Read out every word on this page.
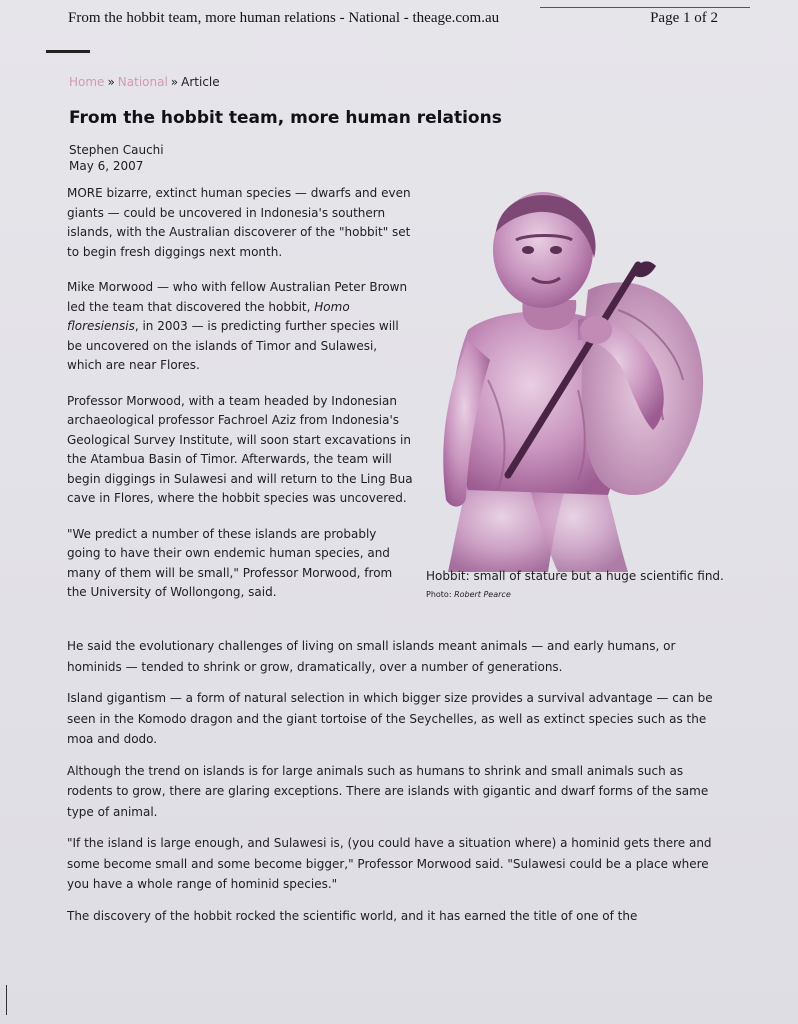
From the hobbit team, more human relations - National - theage.com.au	Page 1 of 2
Home » National » Article
From the hobbit team, more human relations
Stephen Cauchi
May 6, 2007

MORE bizarre, extinct human species — dwarfs and even giants — could be uncovered in Indonesia's southern islands, with the Australian discoverer of the "hobbit" set to begin fresh diggings next month.

Mike Morwood — who with fellow Australian Peter Brown led the team that discovered the hobbit, Homo floresiensis, in 2003 — is predicting further species will be uncovered on the islands of Timor and Sulawesi, which are near Flores.

Professor Morwood, with a team headed by Indonesian archaeological professor Fachroel Aziz from Indonesia's Geological Survey Institute, will soon start excavations in the Atambua Basin of Timor. Afterwards, the team will begin diggings in Sulawesi and will return to the Ling Bua cave in Flores, where the hobbit species was uncovered.

"We predict a number of these islands are probably going to have their own endemic human species, and many of them will be small," Professor Morwood, from the University of Wollongong, said.

Hobbit: small of stature but a huge scientific find.
Photo: Robert Pearce

He said the evolutionary challenges of living on small islands meant animals — and early humans, or hominids — tended to shrink or grow, dramatically, over a number of generations.

Island gigantism — a form of natural selection in which bigger size provides a survival advantage — can be seen in the Komodo dragon and the giant tortoise of the Seychelles, as well as extinct species such as the moa and dodo.

Although the trend on islands is for large animals such as humans to shrink and small animals such as rodents to grow, there are glaring exceptions. There are islands with gigantic and dwarf forms of the same type of animal.

"If the island is large enough, and Sulawesi is, (you could have a situation where) a hominid gets there and some become small and some become bigger," Professor Morwood said. "Sulawesi could be a place where you have a whole range of hominid species."

The discovery of the hobbit rocked the scientific world, and it has earned the title of one of the
